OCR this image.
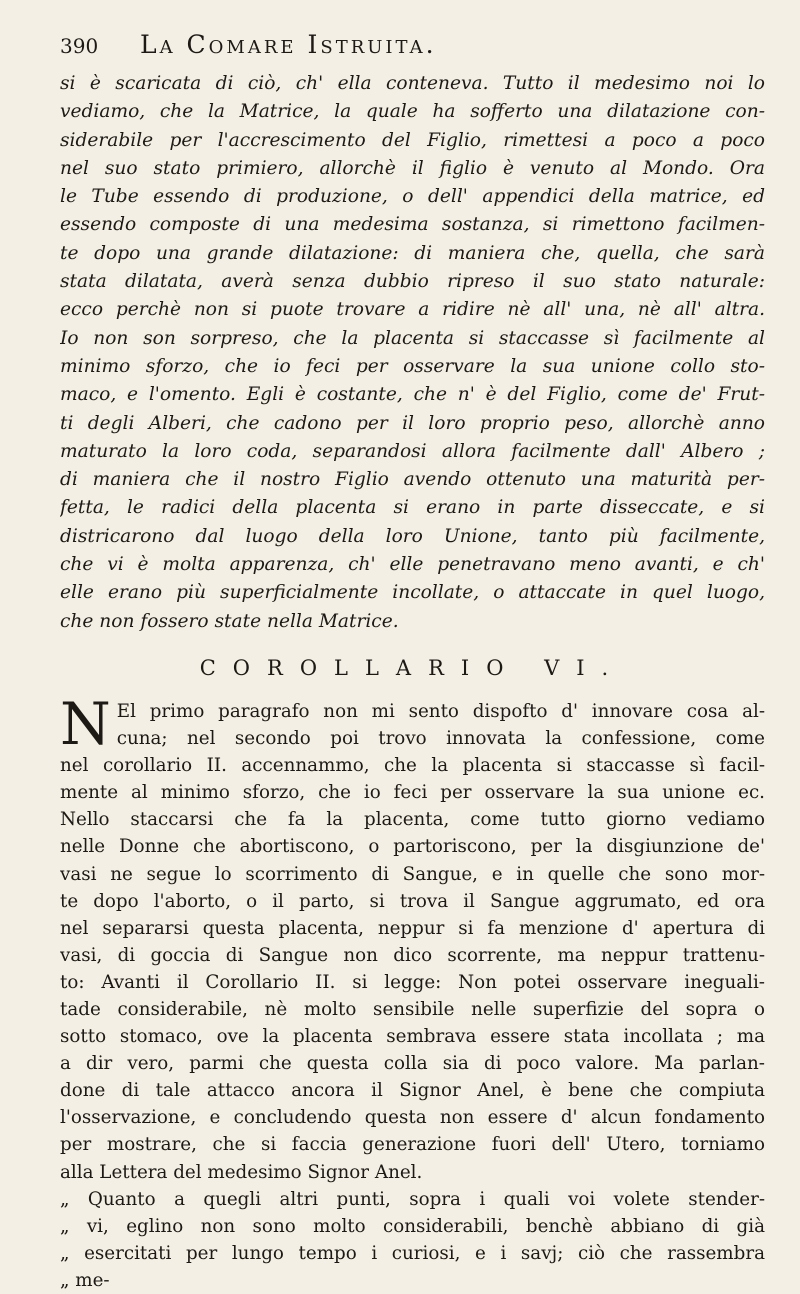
390	La Comare Istruita.
si è scaricata di ciò, ch' ella conteneva. Tutto il medesimo noi lo
vediamo, che la Matrice, la quale ha sofferto una dilatazione con-
siderabile per l'accrescimento del Figlio, rimettesi a poco a poco
nel suo stato primiero, allorchè il figlio è venuto al Mondo. Ora
le Tube essendo di produzione, o dell' appendici della matrice, ed
essendo composte di una medesima sostanza, si rimettono facilmen-
te dopo una grande dilatazione: di maniera che, quella, che sarà
stata dilatata, averà senza dubbio ripreso il suo stato naturale:
ecco perchè non si puote trovare a ridire nè all' una, nè all' altra.
Io non son sorpreso, che la placenta si staccasse sì facilmente al
minimo sforzo, che io feci per osservare la sua unione collo sto-
maco, e l'omento. Egli è costante, che n' è del Figlio, come de' Frut-
ti degli Alberi, che cadono per il loro proprio peso, allorchè anno
maturato la loro coda, separandosi allora facilmente dall' Albero ;
di maniera che il nostro Figlio avendo ottenuto una maturità per-
fetta, le radici della placenta si erano in parte disseccate, e si
districarono dal luogo della loro Unione, tanto più facilmente,
che vi è molta apparenza, ch' elle penetravano meno avanti, e ch'
elle erano più superficialmente incollate, o attaccate in quel luogo,
che non fossero state nella Matrice.
COROLLARIO VI.
N El primo paragrafo non mi sento dispofto d' innovare cosa al-
cuna; nel secondo poi trovo innovata la confessione, come
nel corollario II. accennammo, che la placenta si staccasse sì facil-
mente al minimo sforzo, che io feci per osservare la sua unione ec.
Nello staccarsi che fa la placenta, come tutto giorno vediamo
nelle Donne che abortiscono, o partoriscono, per la disgiunzione de'
vasi ne segue lo scorrimento di Sangue, e in quelle che sono mor-
te dopo l'aborto, o il parto, si trova il Sangue aggrumato, ed ora
nel separarsi questa placenta, neppur si fa menzione d' apertura di
vasi, di goccia di Sangue non dico scorrente, ma neppur trattenu-
to: Avanti il Corollario II. si legge: Non potei osservare ineguali-
tade considerabile, nè molto sensibile nelle superfizie del sopra o
sotto stomaco, ove la placenta sembrava essere stata incollata ; ma
a dir vero, parmi che questa colla sia di poco valore. Ma parlan-
done di tale attacco ancora il Signor Anel, è bene che compiuta
l'osservazione, e concludendo questa non essere d' alcun fondamento
per mostrare, che si faccia generazione fuori dell' Utero, torniamo
alla Lettera del medesimo Signor Anel.
„ Quanto a quegli altri punti, sopra i quali voi volete stender-
„ vi, eglino non sono molto considerabili, benchè abbiano di già
„ esercitati per lungo tempo i curiosi, e i savj; ciò che rassembra
„ me-
